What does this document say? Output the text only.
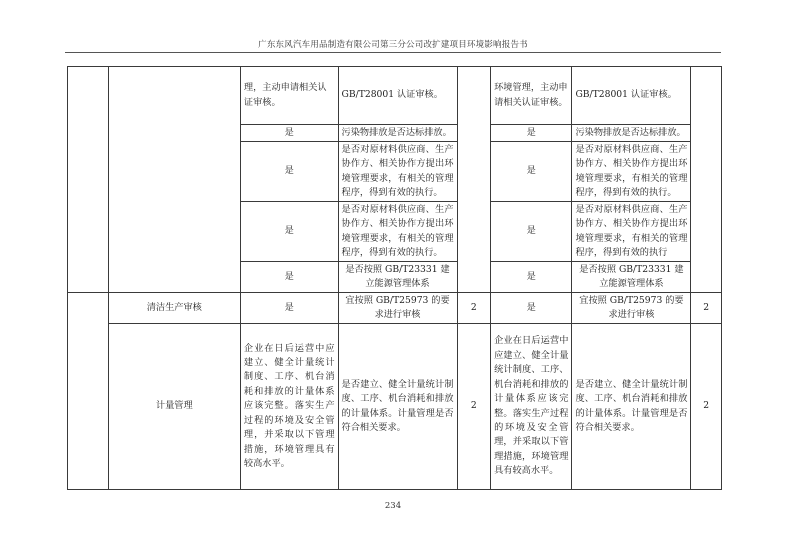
广东东风汽车用品制造有限公司第三分公司改扩建项目环境影响报告书

		理，主动申请相关认证审核。	GB/T28001 认证审核。		环境管理，主动申请相关认证审核。	GB/T28001 认证审核。	

		是	污染物排放是否达标排放。		是	污染物排放是否达标排放。	
		是	是否对原材料供应商、生产协作方、相关协作方提出环境管理要求，有相关的管理程序，得到有效的执行。		是	是否对原材料供应商、生产协作方、相关协作方提出环境管理要求，有相关的管理程序，得到有效的执行。	

		是	是否对原材料供应商、生产协作方、相关协作方提出环境管理要求，有相关的管理程序，得到有效的执行。		是	是否对原材料供应商、生产协作方、相关协作方提出环境管理要求，有相关的管理程序，得到有效的执行	

		是	是否按照 GB/T23331 建立能源管理体系		是	是否按照 GB/T23331 建立能源管理体系	

	清洁生产审核	是	宜按照 GB/T25973 的要求进行审核	2	是	宜按照 GB/T25973 的要求进行审核	2
	计量管理	企业在日后运营中应建立、健全计量统计制度、工序、机台消耗和排放的计量体系应该完整。落实生产过程的环境及安全管理，并采取以下管理措施，环境管理具有较高水平。	是否建立、健全计量统计制度、工序、机台消耗和排放的计量体系。计量管理是否符合相关要求。	2	企业在日后运营中应建立、健全计量统计制度、工序、机台消耗和排放的计量体系应该完整。落实生产过程的环境及安全管理，并采取以下管理措施，环境管理具有较高水平。	是否建立、健全计量统计制度、工序、机台消耗和排放的计量体系。计量管理是否符合相关要求。	2
234
